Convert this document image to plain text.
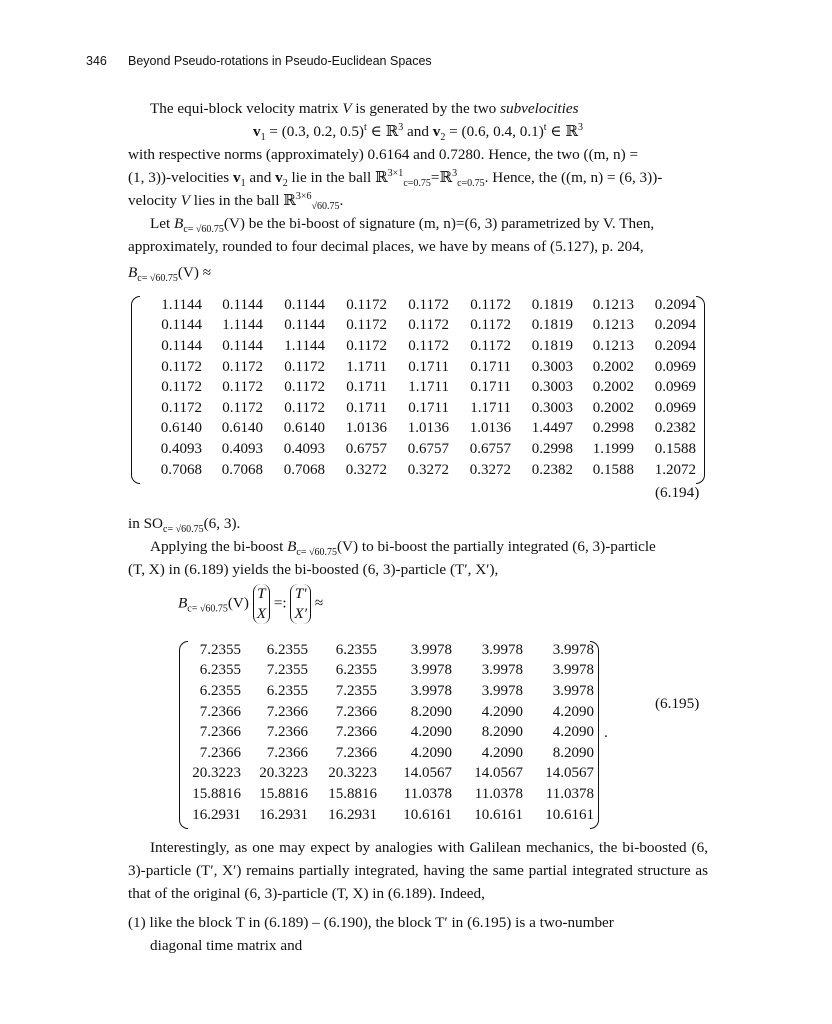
346 Beyond Pseudo-rotations in Pseudo-Euclidean Spaces
The equi-block velocity matrix V is generated by the two subvelocities
$v_1 = (0.3$, 0.2, 0.5)$^t$ ∈ ℝ$^3$ and $v_2 = (0.6$, 0.4, 0.1)$^t$ ∈ ℝ$^3$
with respective norms (approximately) 0.6164 and 0.7280. Hence, the two ((m, n) =
(1, 3))-velocities $v_1$ and $v_2$ lie in the ball ℝ$^{3\times 1}_{c=0.75}$=ℝ$^3_{c=0.75}$. Hence, the ((m, n) = (6, 3))-
velocity V lies in the ball ℝ$^{3\times 6}_{√60.75}$.
Let $B_{c= √60.75}(V)$ be the bi-boost of signature (m, n)=(6, 3) parametrized by V. Then,
approximately, rounded to four decimal places, we have by means of (5.127), p. 204,
$B_{c= √60.75}(V)$ ≈
1.1144	0.1144	0.1144	0.1172	0.1172	0.1172	0.1819	0.1213	0.2094
0.1144	1.1144	0.1144	0.1172	0.1172	0.1172	0.1819	0.1213	0.2094
0.1144	0.1144	1.1144	0.1172	0.1172	0.1172	0.1819	0.1213	0.2094
0.1172	0.1172	0.1172	1.1711	0.1711	0.1711	0.3003	0.2002	0.0969
0.1172	0.1172	0.1172	0.1711	1.1711	0.1711	0.3003	0.2002	0.0969
0.1172	0.1172	0.1172	0.1711	0.1711	1.1711	0.3003	0.2002	0.0969
0.6140	0.6140	0.6140	1.0136	1.0136	1.0136	1.4497	0.2998	0.2382
0.4093	0.4093	0.4093	0.6757	0.6757	0.6757	0.2998	1.1999	0.1588
0.7068	0.7068	0.7068	0.3272	0.3272	0.3272	0.2382	0.1588	1.2072
(6.194)
in $SO_{c= √60.75}(6$, 3).
Applying the bi-boost $B_{c= √60.75}(V)$ to bi-boost the partially integrated (6, 3)-particle
(T, X) in (6.189) yields the bi-boosted (6, 3)-particle (T′, X′),
$B_{c= √60.75}(V)$ T
X =: T′
X′ ≈
7.2355	6.2355	6.2355	3.9978	3.9978	3.9978
6.2355	7.2355	6.2355	3.9978	3.9978	3.9978
6.2355	6.2355	7.2355	3.9978	3.9978	3.9978
7.2366	7.2366	7.2366	8.2090	4.2090	4.2090
7.2366	7.2366	7.2366	4.2090	8.2090	4.2090
7.2366	7.2366	7.2366	4.2090	4.2090	8.2090
20.3223	20.3223	20.3223	14.0567	14.0567	14.0567
15.8816	15.8816	15.8816	11.0378	11.0378	11.0378
16.2931	16.2931	16.2931	10.6161	10.6161	10.6161
.
(6.195)
Interestingly, as one may expect by analogies with Galilean mechanics, the bi-boosted (6, 3)-particle (T′, X′) remains partially integrated, having the same partial integrated structure as that of the original (6, 3)-particle (T, X) in (6.189). Indeed,
(1) like the block T in (6.189) – (6.190), the block T′ in (6.195) is a two-number
diagonal time matrix and
